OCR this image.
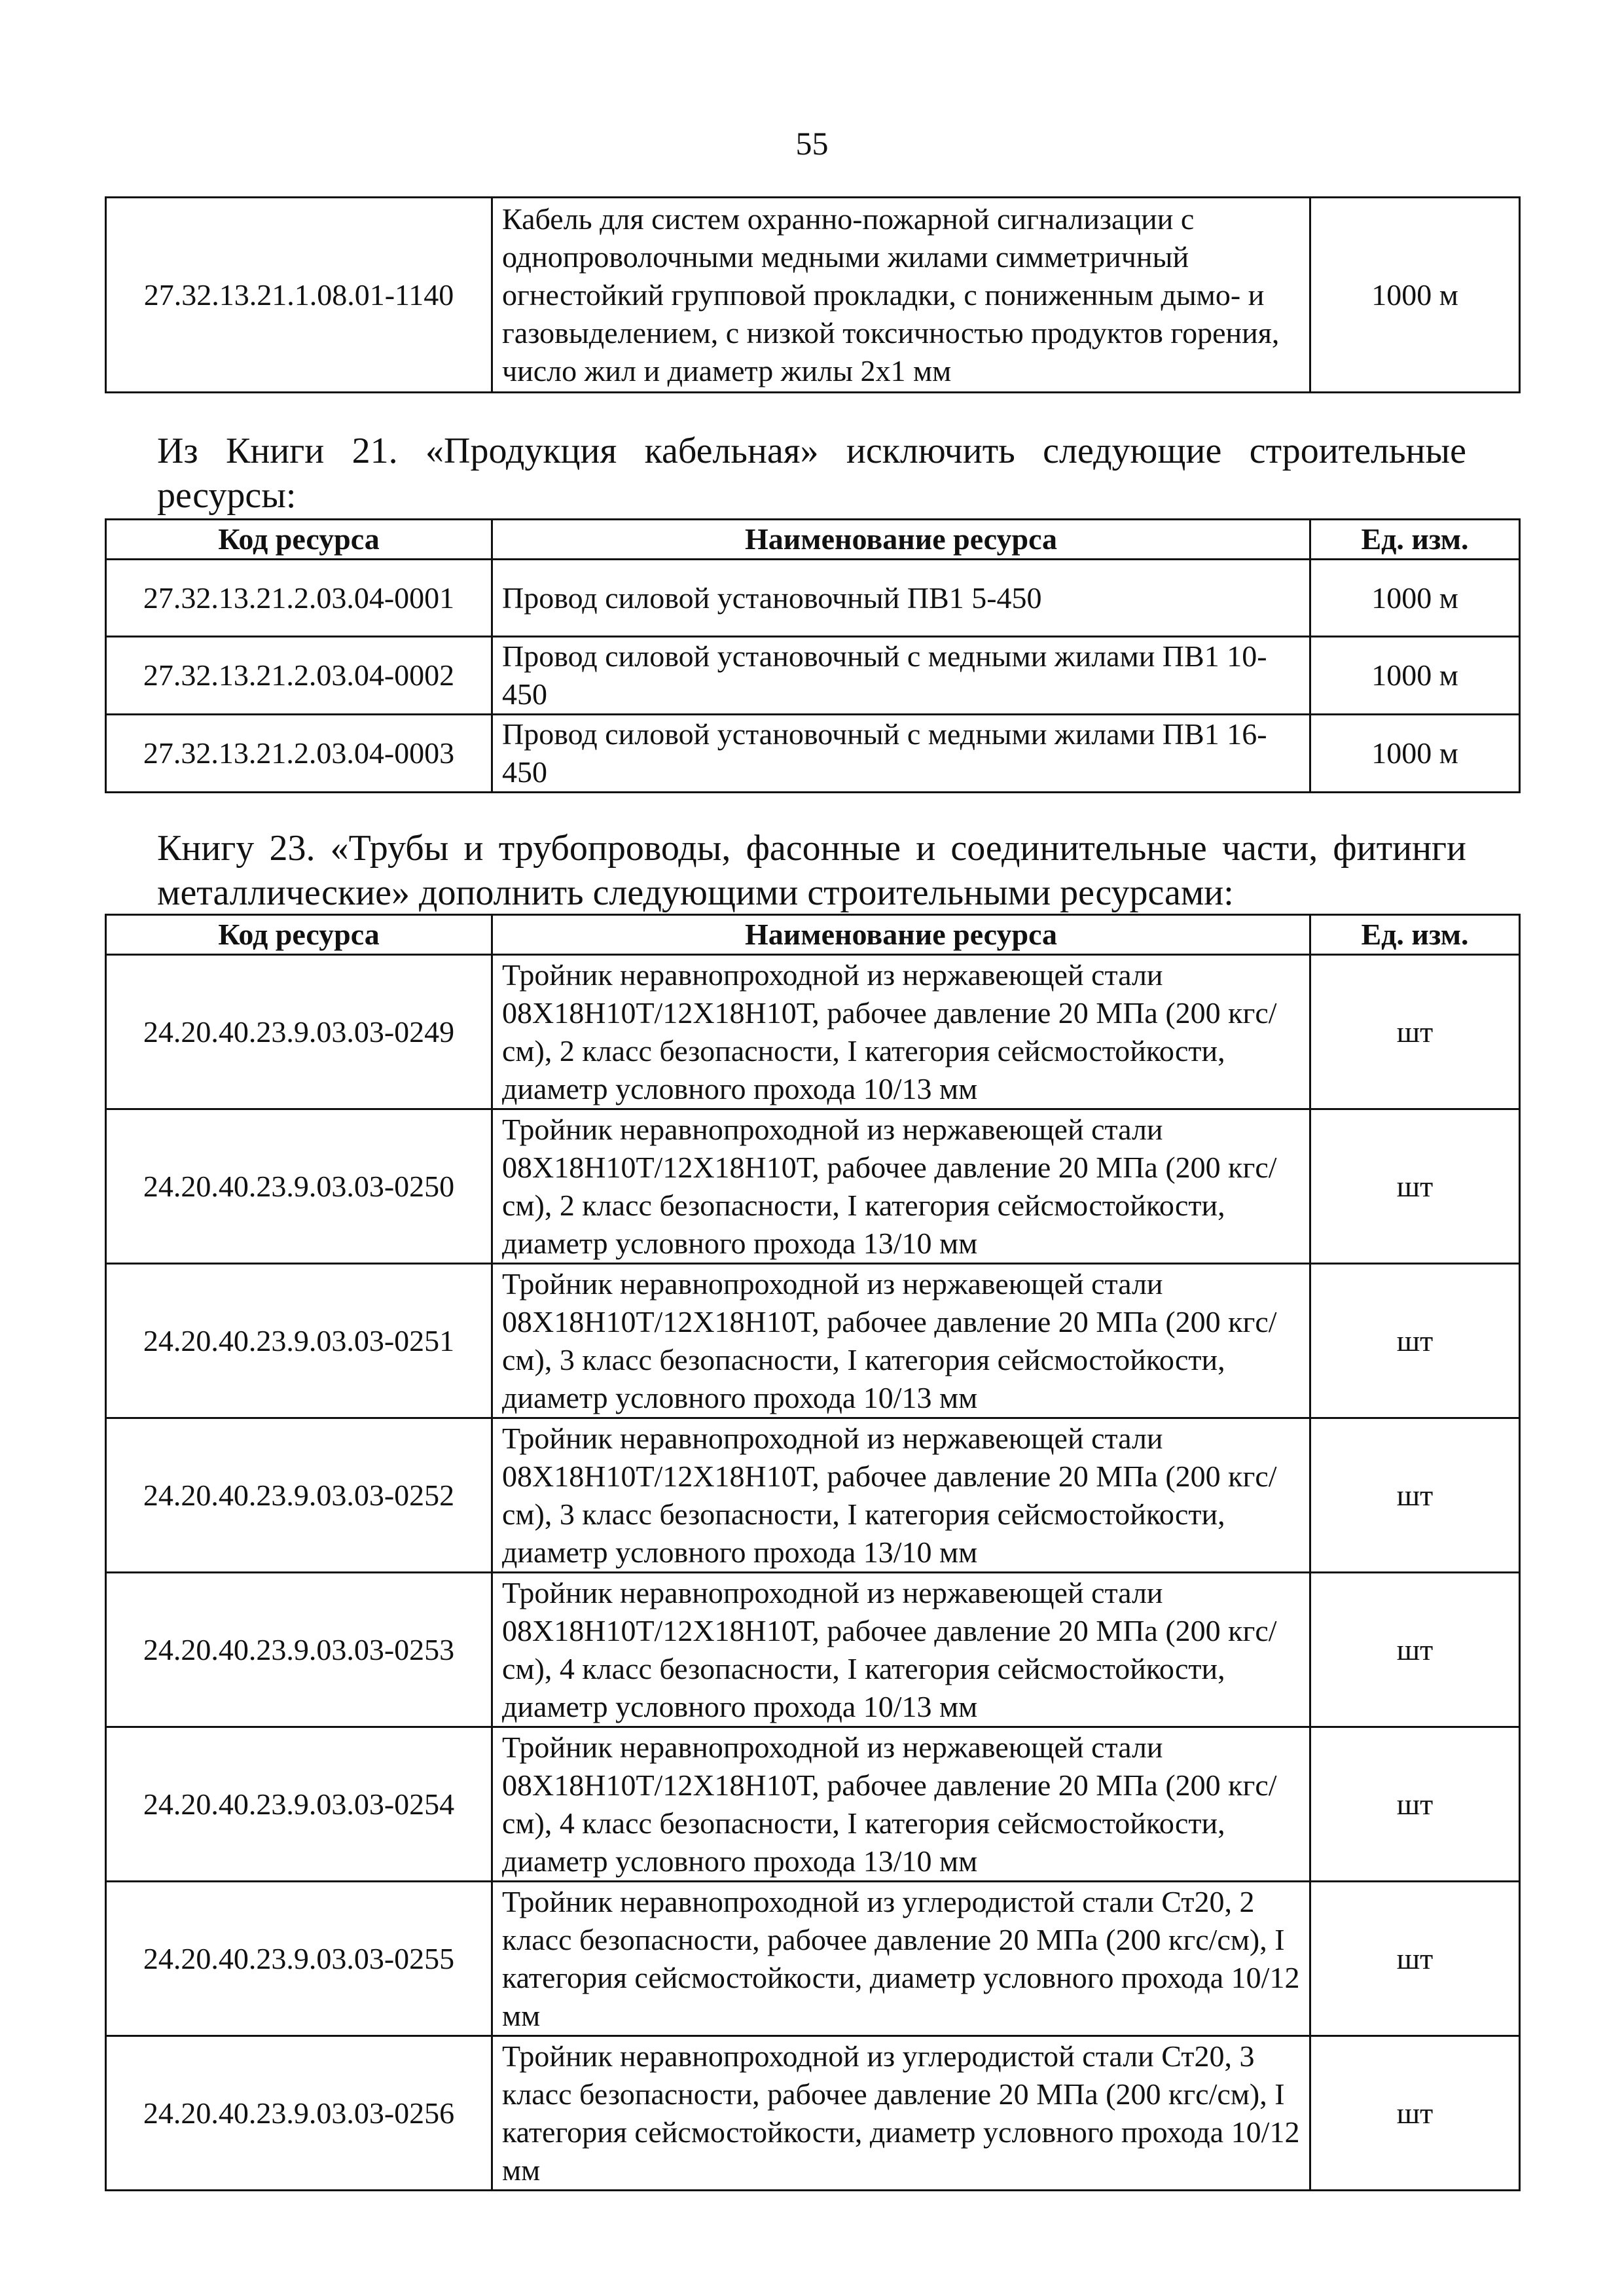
55
27.32.13.21.1.08.01-1140	Кабель для систем охранно-пожарной сигнализации с однопроволочными медными жилами симметричный огнестойкий групповой прокладки, с пониженным дымо- и газовыделением, с низкой токсичностью продуктов горения, число жил и диаметр жилы 2х1 мм	1000 м
Из Книги 21. «Продукция кабельная» исключить следующие строительные ресурсы:
Код ресурса	Наименование ресурса	Ед. изм.
27.32.13.21.2.03.04-0001	Провод силовой установочный ПВ1 5-450	1000 м
27.32.13.21.2.03.04-0002	Провод силовой установочный с медными жилами ПВ1 10-450	1000 м
27.32.13.21.2.03.04-0003	Провод силовой установочный с медными жилами ПВ1 16-450	1000 м
Книгу 23. «Трубы и трубопроводы, фасонные и соединительные части, фитинги металлические» дополнить следующими строительными ресурсами:
Код ресурса	Наименование ресурса	Ед. изм.
24.20.40.23.9.03.03-0249	Тройник неравнопроходной из нержавеющей стали 08Х18Н10Т/12Х18Н10Т, рабочее давление 20 МПа (200 кгс/см), 2 класс безопасности, I категория сейсмостойкости, диаметр условного прохода 10/13 мм	шт
24.20.40.23.9.03.03-0250	Тройник неравнопроходной из нержавеющей стали 08Х18Н10Т/12Х18Н10Т, рабочее давление 20 МПа (200 кгс/см), 2 класс безопасности, I категория сейсмостойкости, диаметр условного прохода 13/10 мм	шт
24.20.40.23.9.03.03-0251	Тройник неравнопроходной из нержавеющей стали 08Х18Н10Т/12Х18Н10Т, рабочее давление 20 МПа (200 кгс/см), 3 класс безопасности, I категория сейсмостойкости, диаметр условного прохода 10/13 мм	шт
24.20.40.23.9.03.03-0252	Тройник неравнопроходной из нержавеющей стали 08Х18Н10Т/12Х18Н10Т, рабочее давление 20 МПа (200 кгс/см), 3 класс безопасности, I категория сейсмостойкости, диаметр условного прохода 13/10 мм	шт
24.20.40.23.9.03.03-0253	Тройник неравнопроходной из нержавеющей стали 08Х18Н10Т/12Х18Н10Т, рабочее давление 20 МПа (200 кгс/см), 4 класс безопасности, I категория сейсмостойкости, диаметр условного прохода 10/13 мм	шт
24.20.40.23.9.03.03-0254	Тройник неравнопроходной из нержавеющей стали 08Х18Н10Т/12Х18Н10Т, рабочее давление 20 МПа (200 кгс/см), 4 класс безопасности, I категория сейсмостойкости, диаметр условного прохода 13/10 мм	шт
24.20.40.23.9.03.03-0255	Тройник неравнопроходной из углеродистой стали Ст20, 2 класс безопасности, рабочее давление 20 МПа (200 кгс/см), I категория сейсмостойкости, диаметр условного прохода 10/12 мм	шт
24.20.40.23.9.03.03-0256	Тройник неравнопроходной из углеродистой стали Ст20, 3 класс безопасности, рабочее давление 20 МПа (200 кгс/см), I категория сейсмостойкости, диаметр условного прохода 10/12 мм	шт
